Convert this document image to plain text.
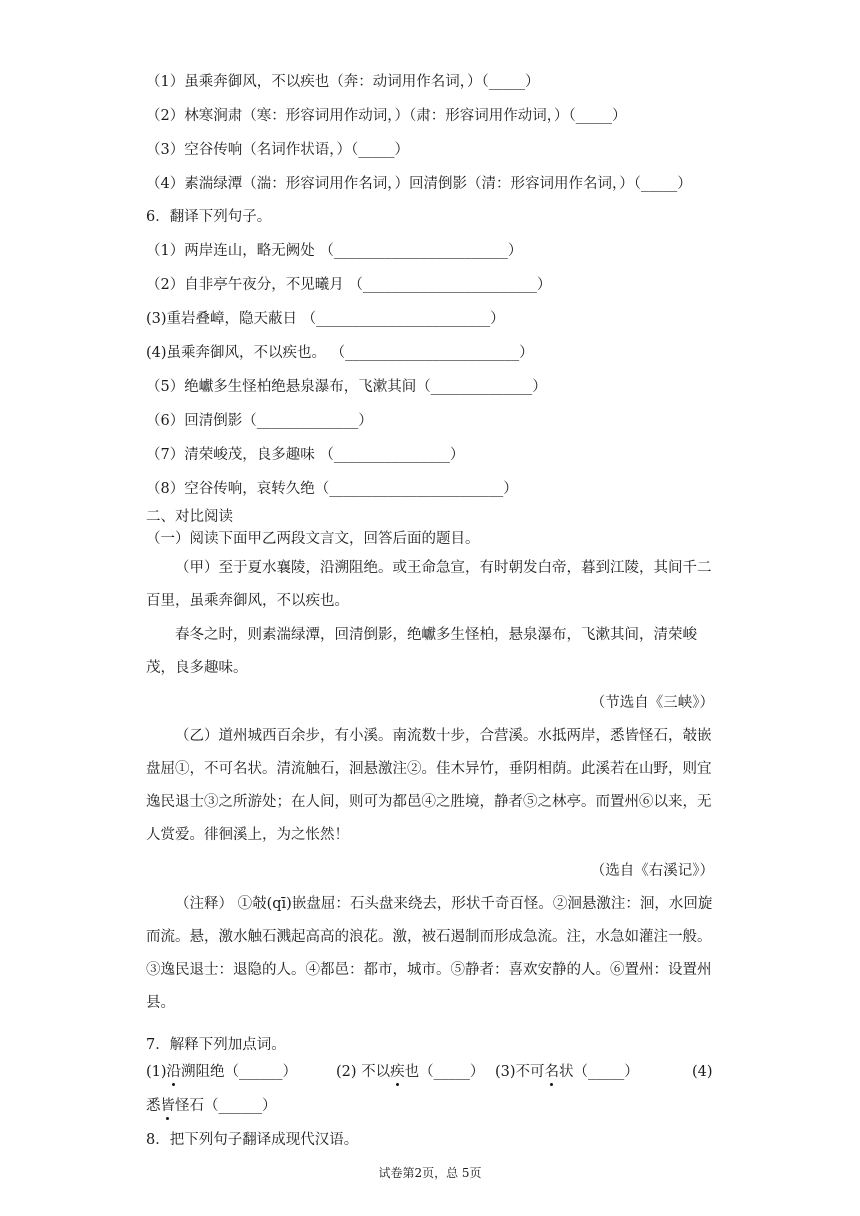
（1）虽乘奔御风，不以疾也（奔：动词用作名词，）（_____）
（2）林寒涧肃（寒：形容词用作动词，）（肃：形容词用作动词，）（_____）
（3）空谷传响（名词作状语，）（_____）
（4）素湍绿潭（湍：形容词用作名词，）回清倒影（清：形容词用作名词，）（_____）
6．翻译下列句子。
（1）两岸连山，略无阙处 （________________________）
（2）自非亭午夜分，不见曦月 （________________________）
(3)重岩叠嶂，隐天蔽日 （________________________）
(4)虽乘奔御风，不以疾也。 （________________________）
（5）绝巘多生怪柏绝悬泉瀑布，飞漱其间（______________）
（6）回清倒影（______________）
（7）清荣峻茂，良多趣味 （________________）
（8）空谷传响，哀转久绝（________________________）
二、对比阅读
（一）阅读下面甲乙两段文言文，回答后面的题目。
（甲）至于夏水襄陵，沿溯阻绝。或王命急宣，有时朝发白帝，暮到江陵，其间千二百里，虽乘奔御风，不以疾也。
春冬之时，则素湍绿潭，回清倒影，绝巘多生怪柏，悬泉瀑布，飞漱其间，清荣峻茂，良多趣味。
（节选自《三峡》）
（乙）道州城西百余步，有小溪。南流数十步，合营溪。水抵两岸，悉皆怪石，攲嵌盘屈①，不可名状。清流触石，洄悬激注②。佳木异竹，垂阴相荫。此溪若在山野，则宜逸民退士③之所游处；在人间，则可为都邑④之胜境，静者⑤之林亭。而置州⑥以来，无人赏爱。徘徊溪上，为之怅然！
（选自《右溪记》）
（注释） ①攲(qī)嵌盘屈：石头盘来绕去，形状千奇百怪。②洄悬激注：洄，水回旋而流。悬，激水触石溅起高高的浪花。激，被石遏制而形成急流。注，水急如灌注一般。③逸民退士：退隐的人。④都邑：都市，城市。⑤静者：喜欢安静的人。⑥置州：设置州县。
7．解释下列加点词。
(1)沿溯阻绝（______）	(2) 不以疾也（_____） (3)不可名状（_____）	(4)
悉皆怪石（______）
8．把下列句子翻译成现代汉语。
试卷第2页，总 5页
